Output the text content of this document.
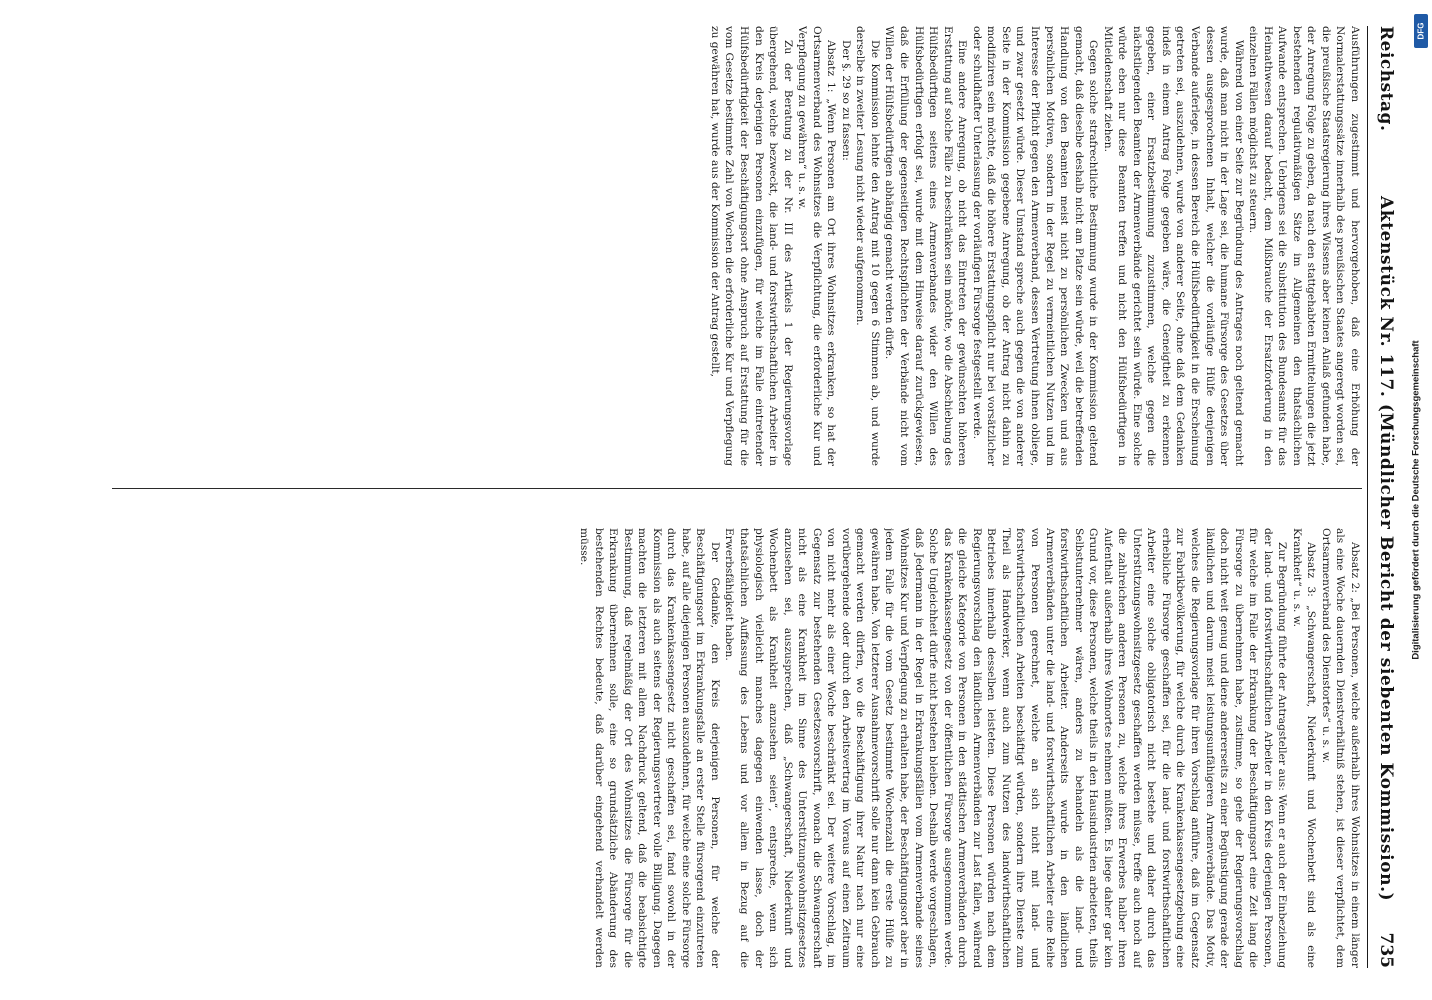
Reichstag.
Aktenstück Nr. 117. (Mündlicher Bericht der siebenten Kommission.)
735

Ausführungen zugestimmt und hervorgehoben, daß eine Erhöhung der Normalerstattungssätze innerhalb des preußischen Staates angeregt worden sei, die preußische Staatsregierung ihres Wissens aber keinen Anlaß gefunden habe, der Anregung Folge zu geben, da nach den stattgehabten Ermittelungen die jetzt bestehenden regulativmäßigen Sätze im Allgemeinen den thatsächlichen Aufwande entsprechen. Uebrigens sei die Substitution des Bundesamts für das Heimathwesen darauf bedacht, dem Mißbrauche der Ersatzforderung in den einzelnen Fällen möglichst zu steuern.

Während von einer Seite zur Begründung des Antrages noch geltend gemacht wurde, daß man nicht in der Lage sei, die humane Fürsorge des Gesetzes über dessen ausgesprochenen Inhalt, welcher die vorläufige Hülfe denjenigen Verbande auferlege, in dessen Bereich die Hülfsbedürftigkeit in die Erscheinung getreten sei, auszudehnen, wurde von anderer Seite, ohne daß dem Gedanken indeß in einem Antrag Folge gegeben wäre, die Geneigtheit zu erkennen gegeben, einer Ersatzbestimmung zuzustimmen, welche gegen die nächstliegenden Beamten der Armenverbände gerichtet sein würde. Eine solche würde eben nur diese Beamten treffen und nicht den Hülfsbedürftigen in Mitleidenschaft ziehen.

Gegen solche strafrechtliche Bestimmung wurde in der Kommission geltend gemacht, daß dieselbe deshalb nicht am Platze sein würde, weil die betreffenden Handlung von den Beamten meist nicht zu persönlichen Zwecken und aus persönlichen Motiven, sondern in der Regel zu vermeintlichen Nutzen und im Interesse der Pflicht gegen den Armenverband, dessen Vertretung ihnen obliege, und zwar gesetzt würde. Dieser Umstand spreche auch gegen die von anderer Seite in der Kommission gegebene Anregung, ob der Antrag nicht dahin zu modifiziren sein möchte, daß die höhere Erstattungspflicht nur bei vorsätzlicher oder schuldhafter Unterlassung der vorläufigen Fürsorge festgestellt werde.

Eine andere Anregung, ob nicht das Eintreten der gewünschten höheren Erstattung auf solche Fälle zu beschränken sein möchte, wo die Abschiebung des Hülfsbedürftigen seitens eines Armenverbandes wider den Willen des Hülfsbedürftigen erfolgt sei, wurde mit dem Hinweise darauf zurückgewiesen, daß die Erfüllung der gegenseitigen Rechtspflichten der Verbände nicht vom Willen der Hülfsbedürftigen abhängig gemacht werden dürfe.

Die Kommission lehnte den Antrag mit 10 gegen 6 Stimmen ab, und wurde derselbe in zweiter Lesung nicht wieder aufgenommen.

Der §. 29 so zu fassen:

Absatz 1: „Wenn Personen am Ort ihres Wohnsitzes erkranken, so hat der Ortsarmenverband des Wohnsitzes die Verpflichtung, die erforderliche Kur und Verpflegung zu gewähren“ u. s. w.

Zu der Beratung zu der Nr. III des Artikels 1 der Regierungsvorlage übergehend, welche bezweckt, die land- und forstwirthschaftlichen Arbeiter in den Kreis derjenigen Personen einzufügen, für welche im Falle eintretender Hülfsbedürftigkeit der Beschäftigungsort ohne Anspruch auf Erstattung für die vom Gesetze bestimmte Zahl von Wochen die erforderliche Kur und Verpflegung zu gewähren hat, wurde aus der Kommission der Antrag gestellt,

Absatz 2: „Bei Personen, welche außerhalb ihres Wohnsitzes in einem länger als eine Woche dauernden Dienstverhältniß stehen, ist dieser verpflichtet, dem Ortsarmenverband des Dienstortes“ u. s. w.

Absatz 3: „Schwangerschaft, Niederkunft und Wochenbett sind als eine Krankheit“ u. s. w.

Zur Begründung führte der Antragsteller aus: Wenn er auch der Einbeziehung der land- und forstwirthschaftlichen Arbeiter in den Kreis derjenigen Personen, für welche im Falle der Erkrankung der Beschäftigungsort eine Zeit lang die Fürsorge zu übernehmen habe, zustimme, so gehe der Regierungsvorschlag doch nicht weit genug und diene andererseits zu einer Begünstigung gerade der ländlichen und darum meist leistungsunfähigeren Armenverbände. Das Motiv, welches die Regierungsvorlage für ihren Vorschlag anführe, daß im Gegensatz zur Fabrikbevölkerung, für welche durch die Krankenkassengesetzgebung eine erhebliche Fürsorge geschaffen sei, für die land- und forstwirthschaftlichen Arbeiter eine solche obligatorisch nicht bestehe und daher durch das Unterstützungswohnsitzgesetz geschaffen werden müsse, treffe auch noch auf die zahlreichen anderen Personen zu, welche ihres Erwerbes halber ihren Aufenthalt außerhalb ihres Wohnortes nehmen müßten. Es liege daher gar kein Grund vor, diese Personen, welche theils in den Hausindustrien arbeiteten, theils Selbstunternehmer wären, anders zu behandeln als die land- und forstwirthschaftlichen Arbeiter. Anderseits wurde in den ländlichen Armenverbänden unter die land- und forstwirthschaftlichen Arbeiter eine Reihe von Personen gerechnet, welche an sich nicht mit land- und forstwirthschaftlichen Arbeiten beschäftigt würden, sondern ihre Dienste zum Theil als Handwerker, wenn auch zum Nutzen des landwirthschaftlichen Betriebes innerhalb desselben leisteten. Diese Personen würden nach dem Regierungsvorschlag den ländlichen Armenverbänden zur Last fallen, während die gleiche Kategorie von Personen in den städtischen Armenverbänden durch das Krankenkassengesetz von der öffentlichen Fürsorge ausgenommen werde. Solche Ungleichheit dürfe nicht bestehen bleiben. Deshalb werde vorgeschlagen, daß Jedermann in der Regel in Erkrankungsfällen vom Armenverbande seines Wohnsitzes Kur und Verpflegung zu erhalten habe, der Beschäftigungsort aber in jedem Falle für die vom Gesetz bestimmte Wochenzahl die erste Hülfe zu gewähren habe. Von letzterer Ausnahmevorschrift solle nur dann kein Gebrauch gemacht werden dürfen, wo die Beschäftigung ihrer Natur nach nur eine vorübergehende oder durch den Arbeitsvertrag im Voraus auf einen Zeitraum von nicht mehr als einer Woche beschränkt sei. Der weitere Vorschlag, im Gegensatz zur bestehenden Gesetzesvorschrift, wonach die Schwangerschaft nicht als eine Krankheit im Sinne des Unterstützungswohnsitzgesetzes anzusehen sei, auszusprechen, daß „Schwangerschaft, Niederkunft und Wochenbett als Krankheit anzusehen seien“, entspreche, wenn sich physiologisch vielleicht manches dagegen einwenden lasse, doch der thatsächlichen Auffassung des Lebens und vor allem in Bezug auf die Erwerbsfähigkeit haben.

Der Gedanke, den Kreis derjenigen Personen, für welche der Beschäftigungsort im Erkrankungsfalle an erster Stelle fürsorgend einzutreten habe, auf alle diejenigen Personen auszudehnen, für welche eine solche Fürsorge durch das Krankenkassengesetz nicht geschaffen sei, fand sowohl in der Kommission als auch seitens der Regierungsvertreter volle Billigung. Dagegen machten die letzteren mit allem Nachdruck geltend, daß die beabsichtigte Bestimmung, daß regelmäßig der Ort des Wohnsitzes die Fürsorge für die Erkrankung übernehmen solle, eine so grundsätzliche Abänderung des bestehenden Rechtes bedeute, daß darüber eingehend verhandelt werden müsse.	Digitalisierung gefördert durch die Deutsche Forschungsgemeinschaft
DFG
